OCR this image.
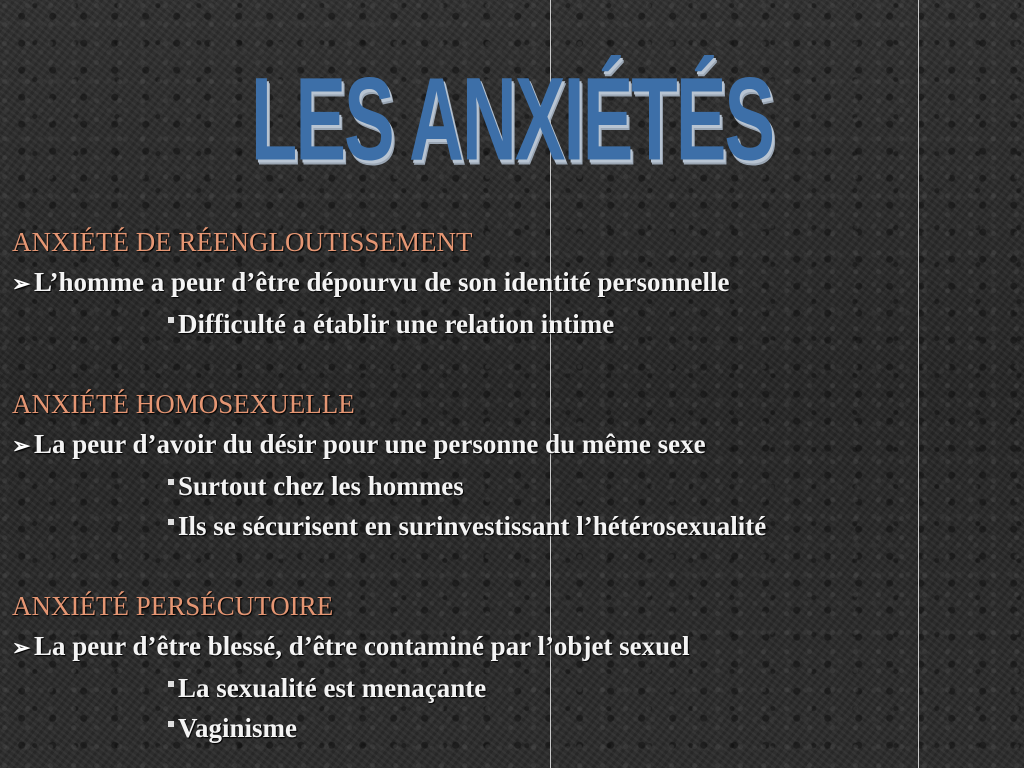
LES ANXIÉTÉS
ANXIÉTÉ DE RÉENGLOUTISSEMENT
➢ L’homme a peur d’être dépourvu de son identité personnelle
Difficulté a établir une relation intime
ANXIÉTÉ HOMOSEXUELLE
➢ La peur d’avoir du désir pour une personne du même sexe
Surtout chez les hommes
Ils se sécurisent en surinvestissant l’hétérosexualité
ANXIÉTÉ PERSÉCUTOIRE
➢ La peur d’être blessé, d’être contaminé par l’objet sexuel
La sexualité est menaçante
Vaginisme
